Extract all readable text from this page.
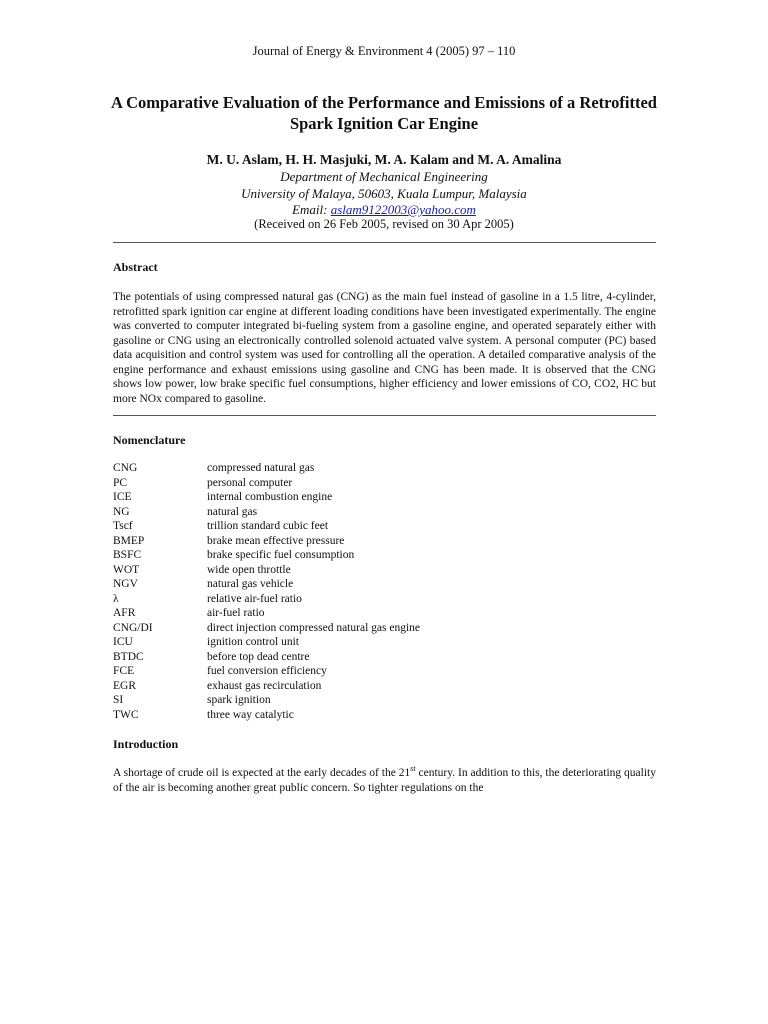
Journal of Energy & Environment 4 (2005) 97 – 110
A Comparative Evaluation of the Performance and Emissions of a Retrofitted Spark Ignition Car Engine
M. U. Aslam, H. H. Masjuki, M. A. Kalam and M. A. Amalina
Department of Mechanical Engineering
University of Malaya, 50603, Kuala Lumpur, Malaysia
Email: aslam9122003@yahoo.com
(Received on 26 Feb 2005, revised on 30 Apr 2005)
Abstract
The potentials of using compressed natural gas (CNG) as the main fuel instead of gasoline in a 1.5 litre, 4-cylinder, retrofitted spark ignition car engine at different loading conditions have been investigated experimentally. The engine was converted to computer integrated bi-fueling system from a gasoline engine, and operated separately either with gasoline or CNG using an electronically controlled solenoid actuated valve system. A personal computer (PC) based data acquisition and control system was used for controlling all the operation. A detailed comparative analysis of the engine performance and exhaust emissions using gasoline and CNG has been made. It is observed that the CNG shows low power, low brake specific fuel consumptions, higher efficiency and lower emissions of CO, CO2, HC but more NOx compared to gasoline.
Nomenclature
CNG	compressed natural gas
PC	personal computer
ICE	internal combustion engine
NG	natural gas
Tscf	trillion standard cubic feet
BMEP	brake mean effective pressure
BSFC	brake specific fuel consumption
WOT	wide open throttle
NGV	natural gas vehicle
λ	relative air-fuel ratio
AFR	air-fuel ratio
CNG/DI	direct injection compressed natural gas engine
ICU	ignition control unit
BTDC	before top dead centre
FCE	fuel conversion efficiency
EGR	exhaust gas recirculation
SI	spark ignition
TWC	three way catalytic
Introduction
A shortage of crude oil is expected at the early decades of the 21st century. In addition to this, the deteriorating quality of the air is becoming another great public concern. So tighter regulations on the
